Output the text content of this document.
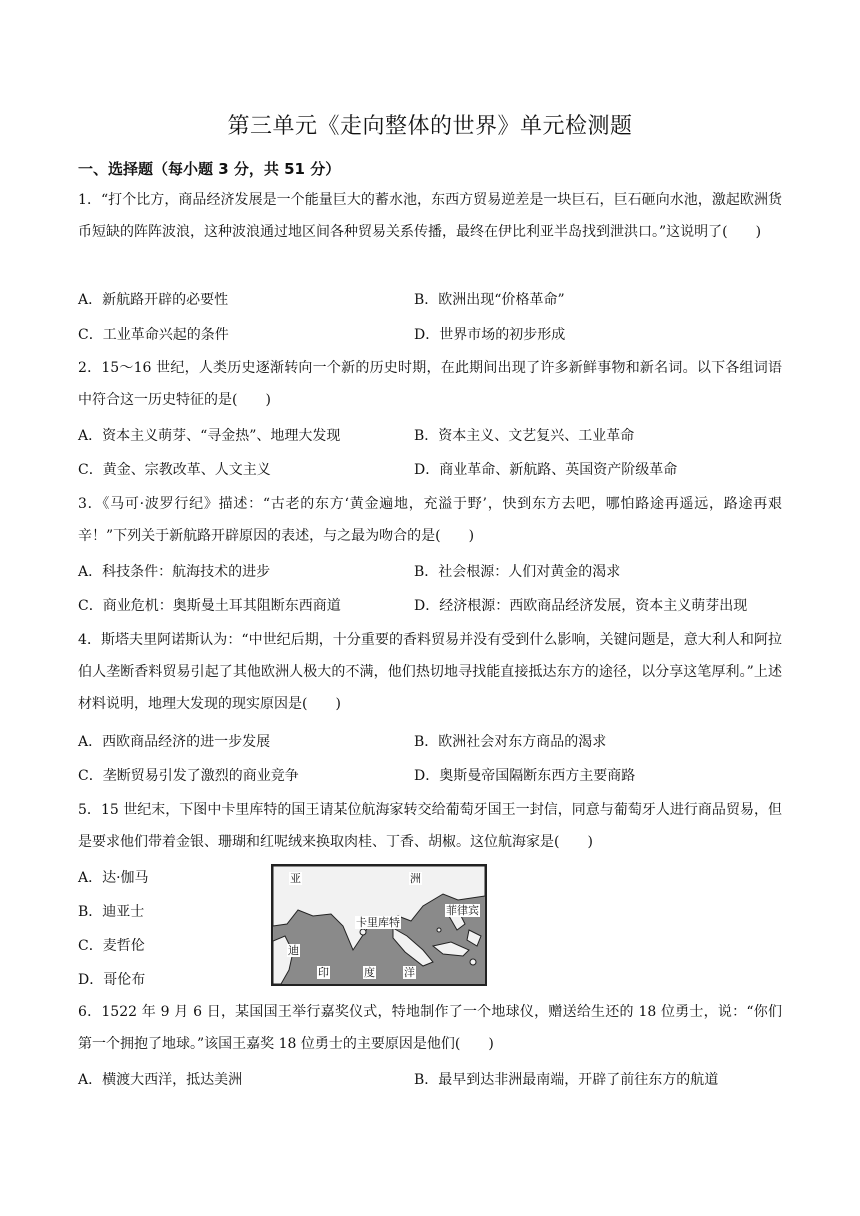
第三单元《走向整体的世界》单元检测题
一、选择题（每小题 3 分，共 51 分）
1．“打个比方，商品经济发展是一个能量巨大的蓄水池，东西方贸易逆差是一块巨石，巨石砸向水池，激起欧洲货币短缺的阵阵波浪，这种波浪通过地区间各种贸易关系传播，最终在伊比利亚半岛找到泄洪口。”这说明了(　　)
A．新航路开辟的必要性	B．欧洲出现“价格革命”
C．工业革命兴起的条件	D．世界市场的初步形成
2．15～16 世纪，人类历史逐渐转向一个新的历史时期，在此期间出现了许多新鲜事物和新名词。以下各组词语中符合这一历史特征的是(　　)
A．资本主义萌芽、“寻金热”、地理大发现	B．资本主义、文艺复兴、工业革命
C．黄金、宗教改革、人文主义	D．商业革命、新航路、英国资产阶级革命
3．《马可·波罗行纪》描述：“古老的东方‘黄金遍地，充溢于野’，快到东方去吧，哪怕路途再遥远，路途再艰辛！”下列关于新航路开辟原因的表述，与之最为吻合的是(　　)
A．科技条件：航海技术的进步	B．社会根源：人们对黄金的渴求
C．商业危机：奥斯曼土耳其阻断东西商道	D．经济根源：西欧商品经济发展，资本主义萌芽出现
4．斯塔夫里阿诺斯认为：“中世纪后期，十分重要的香料贸易并没有受到什么影响，关键问题是，意大利人和阿拉伯人垄断香料贸易引起了其他欧洲人极大的不满，他们热切地寻找能直接抵达东方的途径，以分享这笔厚利。”上述材料说明，地理大发现的现实原因是(　　)
A．西欧商品经济的进一步发展	B．欧洲社会对东方商品的渴求
C．垄断贸易引发了激烈的商业竞争	D．奥斯曼帝国隔断东西方主要商路
5．15 世纪末，下图中卡里库特的国王请某位航海家转交给葡萄牙国王一封信，同意与葡萄牙人进行商品贸易，但是要求他们带着金银、珊瑚和红呢绒来换取肉桂、丁香、胡椒。这位航海家是(　　)
A．达·伽马
B．迪亚士
C．麦哲伦
D．哥伦布
亚	洲
菲律宾
卡里库特
迪
印	度	洋
6．1522 年 9 月 6 日，某国国王举行嘉奖仪式，特地制作了一个地球仪，赠送给生还的 18 位勇士，说：“你们第一个拥抱了地球。”该国王嘉奖 18 位勇士的主要原因是他们(　　)
A．横渡大西洋，抵达美洲	B．最早到达非洲最南端，开辟了前往东方的航道
